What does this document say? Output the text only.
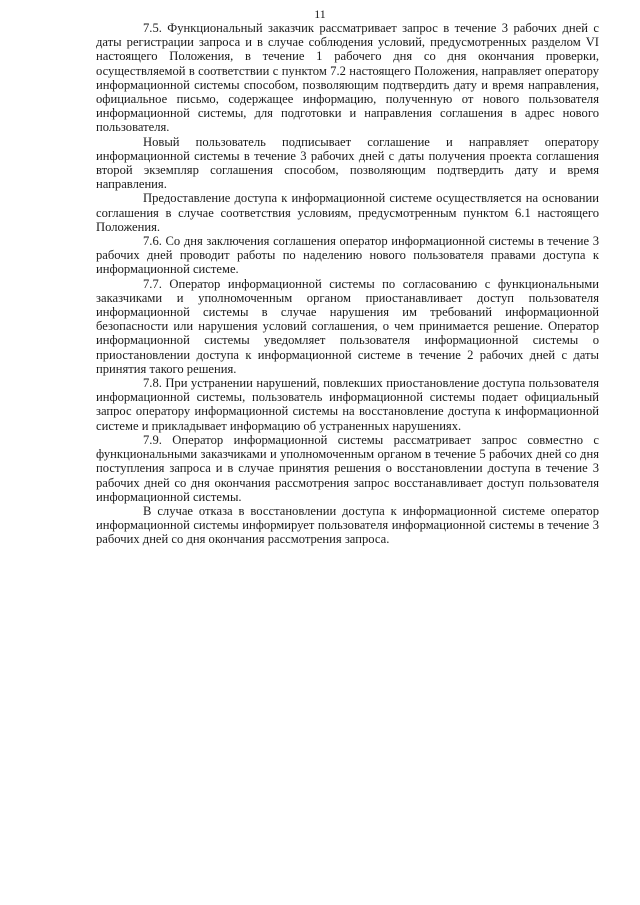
11

7.5. Функциональный заказчик рассматривает запрос в течение 3 рабочих дней с даты регистрации запроса и в случае соблюдения условий, предусмотренных разделом VI настоящего Положения, в течение 1 рабочего дня со дня окончания проверки, осуществляемой в соответствии с пунктом 7.2 настоящего Положения, направляет оператору информационной системы способом, позволяющим подтвердить дату и время направления, официальное письмо, содержащее информацию, полученную от нового пользователя информационной системы, для подготовки и направления соглашения в адрес нового пользователя.

Новый пользователь подписывает соглашение и направляет оператору информационной системы в течение 3 рабочих дней с даты получения проекта соглашения второй экземпляр соглашения способом, позволяющим подтвердить дату и время направления.

Предоставление доступа к информационной системе осуществляется на основании соглашения в случае соответствия условиям, предусмотренным пунктом 6.1 настоящего Положения.

7.6. Со дня заключения соглашения оператор информационной системы в течение 3 рабочих дней проводит работы по наделению нового пользователя правами доступа к информационной системе.

7.7. Оператор информационной системы по согласованию с функциональными заказчиками и уполномоченным органом приостанавливает доступ пользователя информационной системы в случае нарушения им требований информационной безопасности или нарушения условий соглашения, о чем принимается решение. Оператор информационной системы уведомляет пользователя информационной системы о приостановлении доступа к информационной системе в течение 2 рабочих дней с даты принятия такого решения.

7.8. При устранении нарушений, повлекших приостановление доступа пользователя информационной системы, пользователь информационной системы подает официальный запрос оператору информационной системы на восстановление доступа к информационной системе и прикладывает информацию об устраненных нарушениях.

7.9. Оператор информационной системы рассматривает запрос совместно с функциональными заказчиками и уполномоченным органом в течение 5 рабочих дней со дня поступления запроса и в случае принятия решения о восстановлении доступа в течение 3 рабочих дней со дня окончания рассмотрения запрос восстанавливает доступ пользователя информационной системы.

В случае отказа в восстановлении доступа к информационной системе оператор информационной системы информирует пользователя информационной системы в течение 3 рабочих дней со дня окончания рассмотрения запроса.
